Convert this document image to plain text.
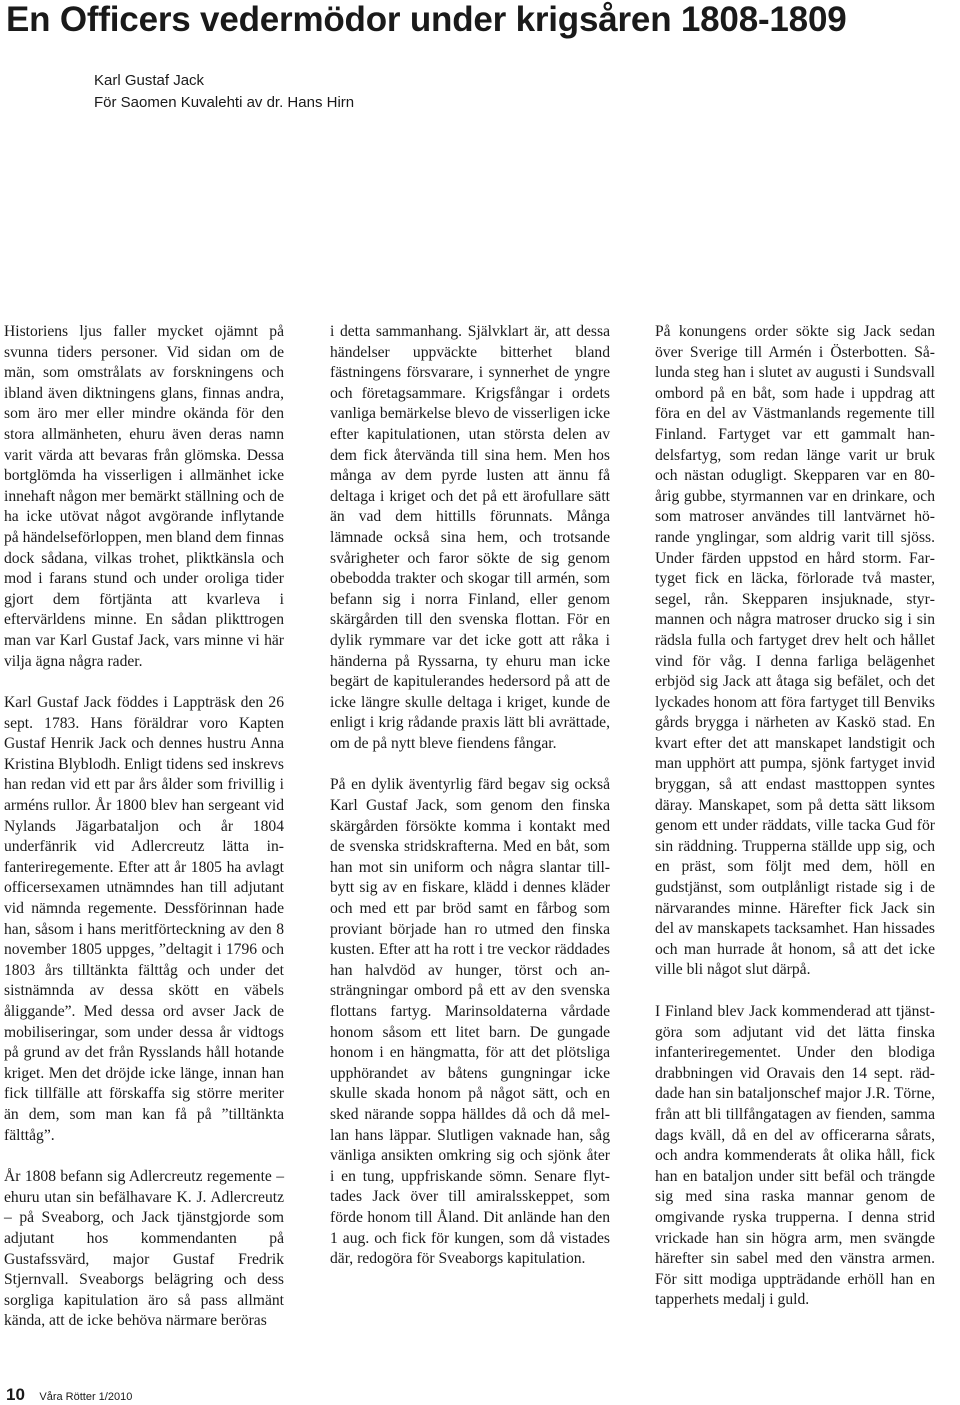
En Officers vedermödor under krigsåren 1808-1809
Karl Gustaf Jack
För Saomen Kuvalehti av dr. Hans Hirn

Historiens ljus faller mycket ojämnt på svunna tiders personer. Vid sidan om de män, som omstrålats av forskningens och ibland även diktningens glans, finnas andra, som äro mer eller mindre okända för den stora allmänheten, ehuru även deras namn varit värda att bevaras från glömska. Dessa bortglömda ha visserligen i allmänhet icke innehaft någon mer bemärkt ställning och de ha icke utövat något avgörande inflytande på händelseförloppen, men bland dem finnas dock sådana, vilkas trohet, pliktkänsla och mod i farans stund och under oroliga tider gjort dem förtjänta att kvarleva i eftervärldens minne. En sådan plikttrogen man var Karl Gustaf Jack, vars minne vi här vilja ägna några rader.

Karl Gustaf Jack föddes i Lappträsk den 26 sept. 1783. Hans föräldrar voro Kapten Gustaf Henrik Jack och dennes hustru Anna Kristina Blyblodh. Enligt tidens sed inskrevs han redan vid ett par års ålder som frivillig i arméns rullor. År 1800 blev han sergeant vid Nylands Jägarbataljon och år 1804 underfänrik vid Adlercreutz lätta infanteriregemente. Efter att år 1805 ha avlagt officersexamen utnämndes han till adjutant vid nämnda regemente. Dessförinnan hade han, såsom i hans meritförteckning av den 8 november 1805 uppges, ”deltagit i 1796 och 1803 års tilltänkta fälttåg och under det sistnämnda av dessa skött en väbels åliggande”. Med dessa ord avser Jack de mobiliseringar, som under dessa år vidtogs på grund av det från Rysslands håll hotande kriget. Men det dröjde icke länge, innan han fick tillfälle att förskaffa sig större meriter än dem, som man kan få på ”tilltänkta fälttåg”.

År 1808 befann sig Adlercreutz regemente – ehuru utan sin befälhavare K. J. Adlercreutz – på Sveaborg, och Jack tjänstgjorde som adjutant hos kommendanten på Gustafssvärd, major Gustaf Fredrik Stjernvall. Sveaborgs belägring och dess sorgliga kapitulation äro så pass allmänt kända, att de icke behöva närmare beröras

i detta sammanhang. Självklart är, att dessa händelser uppväckte bitterhet bland fästningens försvarare, i synnerhet de yngre och företagsammare. Krigsfångar i ordets vanliga bemärkelse blevo de visserligen icke efter kapitulationen, utan största delen av dem fick återvända till sina hem. Men hos många av dem pyrde lusten att ännu få deltaga i kriget och det på ett ärofullare sätt än vad dem hittills förunnats. Många lämnade också sina hem, och trotsande svårigheter och faror sökte de sig genom obebodda trakter och skogar till armén, som befann sig i norra Finland, eller genom skärgården till den svenska flottan. För en dylik rymmare var det icke gott att råka i händerna på Ryssarna, ty ehuru man icke begärt de kapitulerandes hedersord på att de icke längre skulle deltaga i kriget, kunde de enligt i krig rådande praxis lätt bli avrättade, om de på nytt bleve fiendens fångar.

På en dylik äventyrlig färd begav sig också Karl Gustaf Jack, som genom den finska skärgården försökte komma i kontakt med de svenska stridskrafterna. Med en båt, som han mot sin uniform och några slantar tillbytt sig av en fiskare, klädd i dennes kläder och med ett par bröd samt en fårbog som proviant började han ro utmed den finska kusten. Efter att ha rott i tre veckor räddades han halvdöd av hunger, törst och ansträngningar ombord på ett av den svenska flottans fartyg. Marinsoldaterna vårdade honom såsom ett litet barn. De gungade honom i en hängmatta, för att det plötsliga upphörandet av båtens gungningar icke skulle skada honom på något sätt, och en sked närande soppa hälldes då och då mellan hans läppar. Slutligen vaknade han, såg vänliga ansikten omkring sig och sjönk åter i en tung, uppfriskande sömn. Senare flyttades Jack över till amiralsskeppet, som förde honom till Åland. Dit anlände han den 1 aug. och fick för kungen, som då vistades där, redogöra för Sveaborgs kapitulation.

På konungens order sökte sig Jack sedan över Sverige till Armén i Österbotten. Sålunda steg han i slutet av augusti i Sundsvall ombord på en båt, som hade i uppdrag att föra en del av Västmanlands regemente till Finland. Fartyget var ett gammalt handelsfartyg, som redan länge varit ur bruk och nästan odugligt. Skepparen var en 80-årig gubbe, styrmannen var en drinkare, och som matroser användes till lantvärnet hörande ynglingar, som aldrig varit till sjöss. Under färden uppstod en hård storm. Fartyget fick en läcka, förlorade två master, segel, rån. Skepparen insjuknade, styrmannen och några matroser drucko sig i sin rädsla fulla och fartyget drev helt och hållet vind för våg. I denna farliga belägenhet erbjöd sig Jack att åtaga sig befälet, och det lyckades honom att föra fartyget till Benviks gårds brygga i närheten av Kaskö stad. En kvart efter det att manskapet landstigit och man upphört att pumpa, sjönk fartyget invid bryggan, så att endast masttoppen syntes däray. Manskapet, som på detta sätt liksom genom ett under räddats, ville tacka Gud för sin räddning. Trupperna ställde upp sig, och en präst, som följt med dem, höll en gudstjänst, som outplånligt ristade sig i de närvarandes minne. Härefter fick Jack sin del av manskapets tacksamhet. Han hissades och man hurrade åt honom, så att det icke ville bli något slut därpå.

I Finland blev Jack kommenderad att tjänstgöra som adjutant vid det lätta finska infanteriregementet. Under den blodiga drabbningen vid Oravais den 14 sept. räddade han sin bataljonschef major J.R. Törne, från att bli tillfångatagen av fienden, samma dags kväll, då en del av officerarna sårats, och andra kommenderats åt olika håll, fick han en bataljon under sitt befäl och trängde sig med sina raska mannar genom de omgivande ryska trupperna. I denna strid vrickade han sin högra arm, men svängde härefter sin sabel med den vänstra armen. För sitt modiga uppträdande erhöll han en tapperhets medalj i guld.

10 Våra Rötter 1/2010
